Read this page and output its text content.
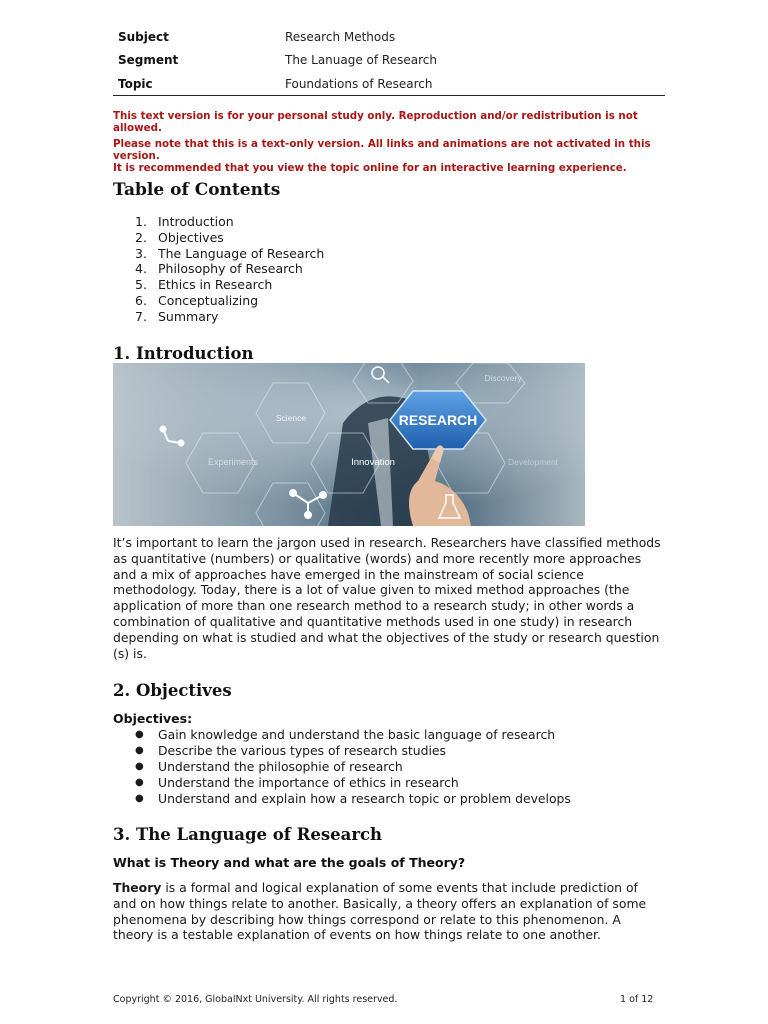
Subject	Research Methods
Segment	The Lanuage of Research
Topic	Foundations of Research

This text version is for your personal study only. Reproduction and/or redistribution is not allowed.

Please note that this is a text-only version. All links and animations are not activated in this version.
It is recommended that you view the topic online for an interactive learning experience.
Table of Contents
1. Introduction
2. Objectives
3. The Language of Research
4. Philosophy of Research
5. Ethics in Research
6. Conceptualizing
7. Summary
1. Introduction
RESEARCH
Science
Innovation
Experiments
Discovery
Development

It’s important to learn the jargon used in research. Researchers have classified methods as quantitative (numbers) or qualitative (words) and more recently more approaches and a mix of approaches have emerged in the mainstream of social science methodology. Today, there is a lot of value given to mixed method approaches (the application of more than one research method to a research study; in other words a combination of qualitative and quantitative methods used in one study) in research depending on what is studied and what the objectives of the study or research question (s) is.

2. Objectives
Objectives:
●	Gain knowledge and understand the basic language of research
●	Describe the various types of research studies
●	Understand the philosophie of research
●	Understand the importance of ethics in research
●	Understand and explain how a research topic or problem develops
3. The Language of Research
What is Theory and what are the goals of Theory?

Theory is a formal and logical explanation of some events that include prediction of and on how things relate to another. Basically, a theory offers an explanation of some phenomena by describing how things correspond or relate to this phenomenon. A theory is a testable explanation of events on how things relate to one another.

Copyright © 2016, GlobalNxt University. All rights reserved.	1 of 12
